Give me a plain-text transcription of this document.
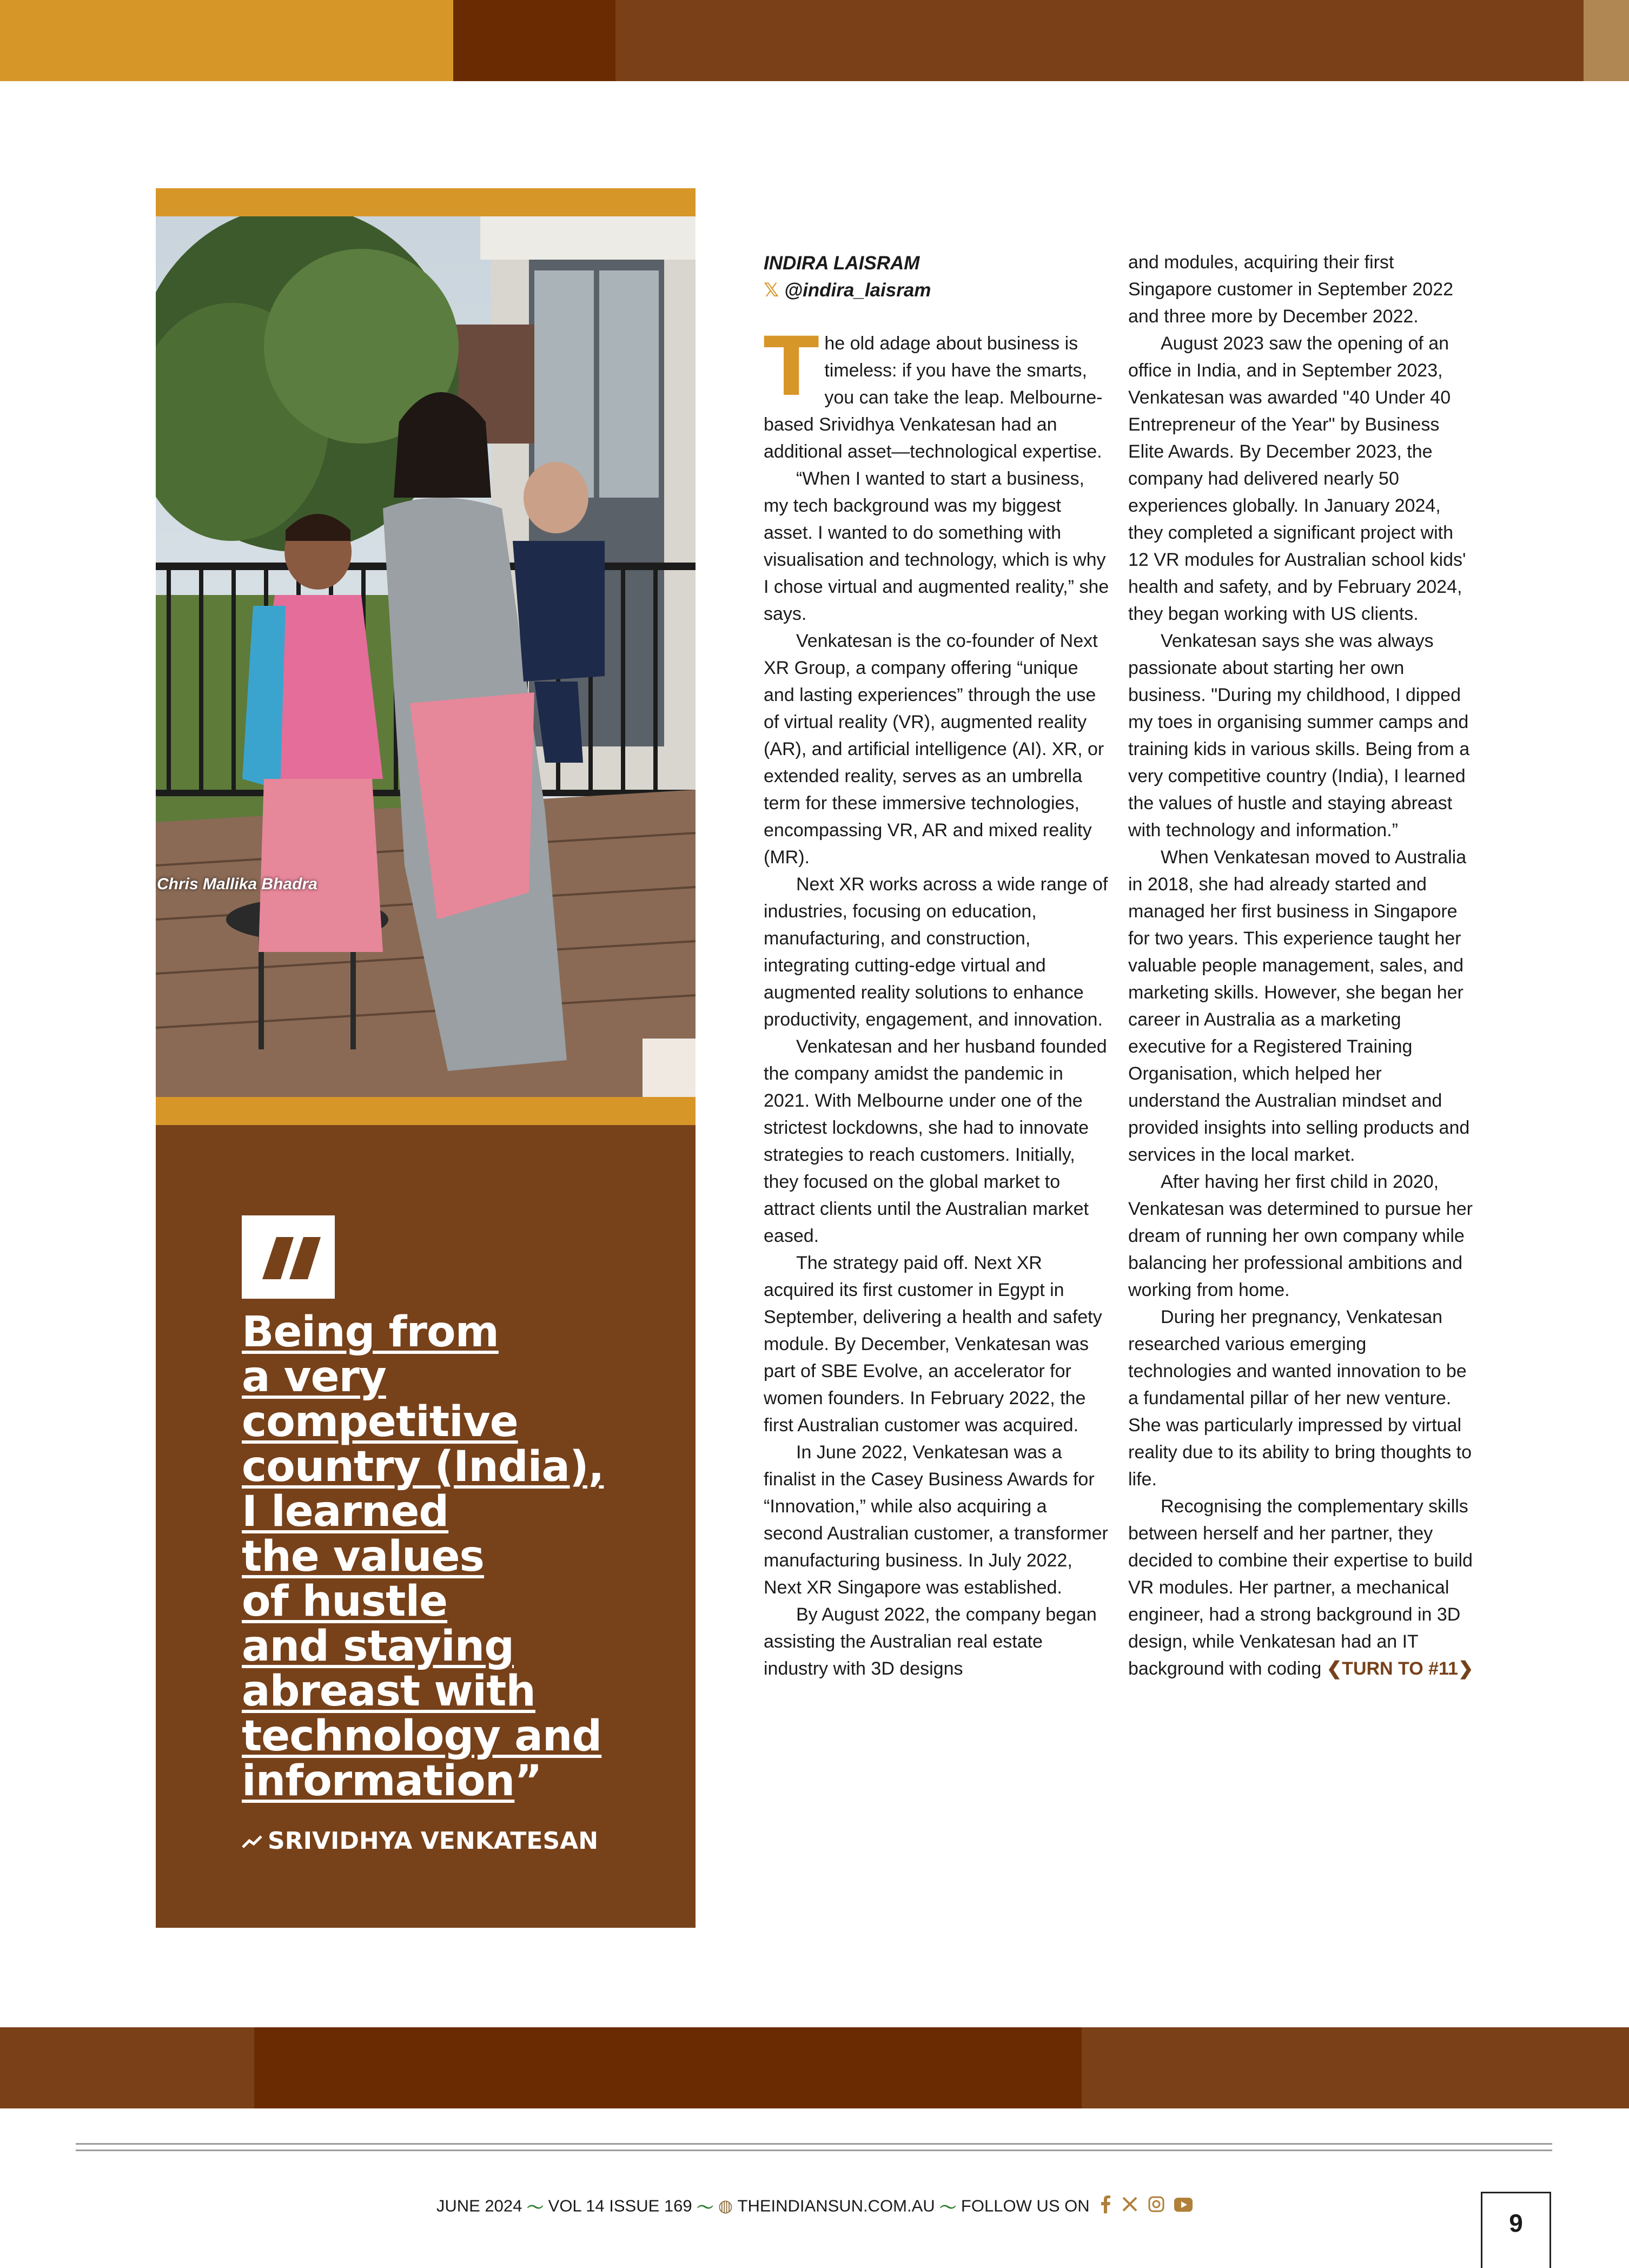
Chris Mallika Bhadra
Being from
a very
competitive
country (India),
I learned
the values
of hustle
and staying
abreast with
technology and
information”
SRIVIDHYA VENKATESAN
INDIRA LAISRAM
𝕏 @indira_laisram

The old adage about business is timeless: if you have the smarts, you can take the leap. Melbourne-based Srividhya Venkatesan had an additional asset—technological expertise.

“When I wanted to start a business, my tech background was my biggest asset. I wanted to do something with visualisation and technology, which is why I chose virtual and augmented reality,” she says.

Venkatesan is the co-founder of Next XR Group, a company offering “unique and lasting experiences” through the use of virtual reality (VR), augmented reality (AR), and artificial intelligence (AI). XR, or extended reality, serves as an umbrella term for these immersive technologies, encompassing VR, AR and mixed reality (MR).

Next XR works across a wide range of industries, focusing on education, manufacturing, and construction, integrating cutting-edge virtual and augmented reality solutions to enhance productivity, engagement, and innovation.

Venkatesan and her husband founded the company amidst the pandemic in 2021. With Melbourne under one of the strictest lockdowns, she had to innovate strategies to reach customers. Initially, they focused on the global market to attract clients until the Australian market eased.

The strategy paid off. Next XR acquired its first customer in Egypt in September, delivering a health and safety module. By December, Venkatesan was part of SBE Evolve, an accelerator for women founders. In February 2022, the first Australian customer was acquired.

In June 2022, Venkatesan was a finalist in the Casey Business Awards for “Innovation,” while also acquiring a second Australian customer, a transformer manufacturing business. In July 2022, Next XR Singapore was established.

By August 2022, the company began assisting the Australian real estate industry with 3D designs

and modules, acquiring their first Singapore customer in September 2022 and three more by December 2022.

August 2023 saw the opening of an office in India, and in September 2023, Venkatesan was awarded "40 Under 40 Entrepreneur of the Year" by Business Elite Awards. By December 2023, the company had delivered nearly 50 experiences globally. In January 2024, they completed a significant project with 12 VR modules for Australian school kids' health and safety, and by February 2024, they began working with US clients.

Venkatesan says she was always passionate about starting her own business. "During my childhood, I dipped my toes in organising summer camps and training kids in various skills. Being from a very competitive country (India), I learned the values of hustle and staying abreast with technology and information.”

When Venkatesan moved to Australia in 2018, she had already started and managed her first business in Singapore for two years. This experience taught her valuable people management, sales, and marketing skills. However, she began her career in Australia as a marketing executive for a Registered Training Organisation, which helped her understand the Australian mindset and provided insights into selling products and services in the local market.

After having her first child in 2020, Venkatesan was determined to pursue her dream of running her own company while balancing her professional ambitions and working from home.

During her pregnancy, Venkatesan researched various emerging technologies and wanted innovation to be a fundamental pillar of her new venture. She was particularly impressed by virtual reality due to its ability to bring thoughts to life.

Recognising the complementary skills between herself and her partner, they decided to combine their expertise to build VR modules. Her partner, a mechanical engineer, had a strong background in 3D design, while Venkatesan had an IT background with coding ❮TURN TO #11❯

JUNE 2024 〜 VOL 14 ISSUE 169 〜 ◍ THEINDIANSUN.COM.AU 〜 FOLLOW US ON
9
